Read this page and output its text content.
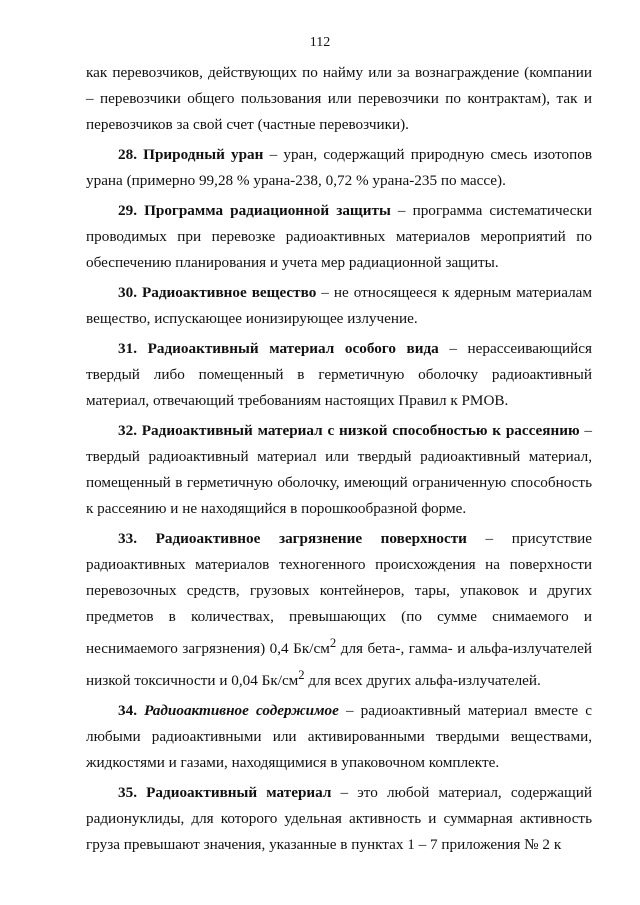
112

как перевозчиков, действующих по найму или за вознаграждение (компании – перевозчики общего пользования или перевозчики по контрактам), так и перевозчиков за свой счет (частные перевозчики).

28. Природный уран – уран, содержащий природную смесь изотопов урана (примерно 99,28 % урана-238, 0,72 % урана-235 по массе).

29. Программа радиационной защиты – программа систематически проводимых при перевозке радиоактивных материалов мероприятий по обеспечению планирования и учета мер радиационной защиты.

30. Радиоактивное вещество – не относящееся к ядерным материалам вещество, испускающее ионизирующее излучение.

31. Радиоактивный материал особого вида – нерассеивающийся твердый либо помещенный в герметичную оболочку радиоактивный материал, отвечающий требованиям настоящих Правил к РМОВ.

32. Радиоактивный материал с низкой способностью к рассеянию – твердый радиоактивный материал или твердый радиоактивный материал, помещенный в герметичную оболочку, имеющий ограниченную способность к рассеянию и не находящийся в порошкообразной форме.

33. Радиоактивное загрязнение поверхности – присутствие радиоактивных материалов техногенного происхождения на поверхности перевозочных средств, грузовых контейнеров, тары, упаковок и других предметов в количествах, превышающих (по сумме снимаемого и неснимаемого загрязнения) 0,4 $Бк/см^2$ для бета-, гамма- и альфа-излучателей низкой токсичности и 0,04 $Бк/см^2$ для всех других альфа-излучателей.

34. Радиоактивное содержимое – радиоактивный материал вместе с любыми радиоактивными или активированными твердыми веществами, жидкостями и газами, находящимися в упаковочном комплекте.

35. Радиоактивный материал – это любой материал, содержащий радионуклиды, для которого удельная активность и суммарная активность груза превышают значения, указанные в пунктах 1 – 7 приложения № 2 к
